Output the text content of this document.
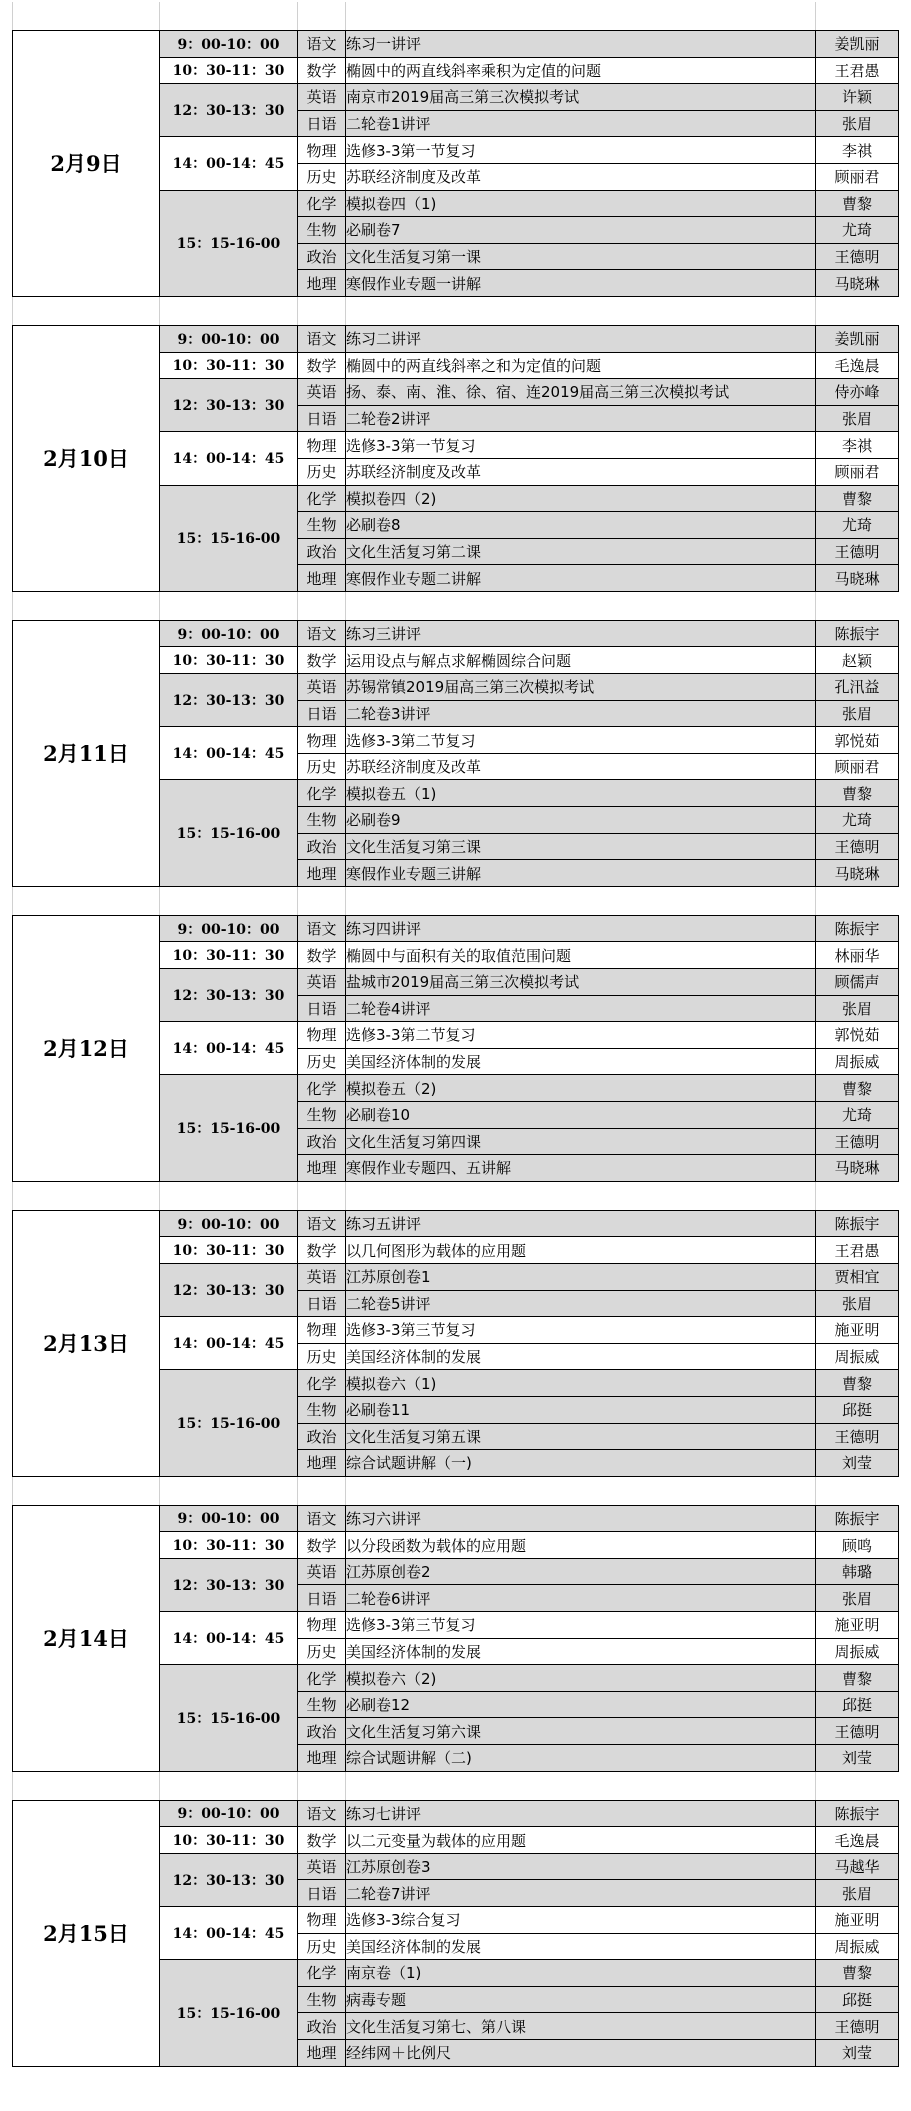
2月9日	9：00-10：00	语文	练习一讲评	姜凯丽
	10：30-11：30	数学	椭圆中的两直线斜率乘积为定值的问题	王君愚
	12：30-13：30	英语	南京市2019届高三第三次模拟考试	许颖
		日语	二轮卷1讲评	张眉
	14：00-14：45	物理	选修3-3第一节复习	李祺
		历史	苏联经济制度及改革	顾丽君
	15：15-16-00	化学	模拟卷四（1)	曹黎
		生物	必刷卷7	尤琦
		政治	文化生活复习第一课	王德明
		地理	寒假作业专题一讲解	马晓琳
2月10日	9：00-10：00	语文	练习二讲评	姜凯丽
	10：30-11：30	数学	椭圆中的两直线斜率之和为定值的问题	毛逸晨
	12：30-13：30	英语	扬、泰、南、淮、徐、宿、连2019届高三第三次模拟考试	侍亦峰
		日语	二轮卷2讲评	张眉
	14：00-14：45	物理	选修3-3第一节复习	李祺
		历史	苏联经济制度及改革	顾丽君
	15：15-16-00	化学	模拟卷四（2)	曹黎
		生物	必刷卷8	尤琦
		政治	文化生活复习第二课	王德明
		地理	寒假作业专题二讲解	马晓琳
2月11日	9：00-10：00	语文	练习三讲评	陈振宇
	10：30-11：30	数学	运用设点与解点求解椭圆综合问题	赵颖
	12：30-13：30	英语	苏锡常镇2019届高三第三次模拟考试	孔汛益
		日语	二轮卷3讲评	张眉
	14：00-14：45	物理	选修3-3第二节复习	郭悦茹
		历史	苏联经济制度及改革	顾丽君
	15：15-16-00	化学	模拟卷五（1)	曹黎
		生物	必刷卷9	尤琦
		政治	文化生活复习第三课	王德明
		地理	寒假作业专题三讲解	马晓琳
2月12日	9：00-10：00	语文	练习四讲评	陈振宇
	10：30-11：30	数学	椭圆中与面积有关的取值范围问题	林丽华
	12：30-13：30	英语	盐城市2019届高三第三次模拟考试	顾儒声
		日语	二轮卷4讲评	张眉
	14：00-14：45	物理	选修3-3第二节复习	郭悦茹
		历史	美国经济体制的发展	周振威
	15：15-16-00	化学	模拟卷五（2)	曹黎
		生物	必刷卷10	尤琦
		政治	文化生活复习第四课	王德明
		地理	寒假作业专题四、五讲解	马晓琳
2月13日	9：00-10：00	语文	练习五讲评	陈振宇
	10：30-11：30	数学	以几何图形为载体的应用题	王君愚
	12：30-13：30	英语	江苏原创卷1	贾相宜
		日语	二轮卷5讲评	张眉
	14：00-14：45	物理	选修3-3第三节复习	施亚明
		历史	美国经济体制的发展	周振威
	15：15-16-00	化学	模拟卷六（1)	曹黎
		生物	必刷卷11	邱挺
		政治	文化生活复习第五课	王德明
		地理	综合试题讲解（一)	刘莹
2月14日	9：00-10：00	语文	练习六讲评	陈振宇
	10：30-11：30	数学	以分段函数为载体的应用题	顾鸣
	12：30-13：30	英语	江苏原创卷2	韩璐
		日语	二轮卷6讲评	张眉
	14：00-14：45	物理	选修3-3第三节复习	施亚明
		历史	美国经济体制的发展	周振威
	15：15-16-00	化学	模拟卷六（2)	曹黎
		生物	必刷卷12	邱挺
		政治	文化生活复习第六课	王德明
		地理	综合试题讲解（二)	刘莹
2月15日	9：00-10：00	语文	练习七讲评	陈振宇
	10：30-11：30	数学	以二元变量为载体的应用题	毛逸晨
	12：30-13：30	英语	江苏原创卷3	马越华
		日语	二轮卷7讲评	张眉
	14：00-14：45	物理	选修3-3综合复习	施亚明
		历史	美国经济体制的发展	周振威
	15：15-16-00	化学	南京卷（1)	曹黎
		生物	病毒专题	邱挺
		政治	文化生活复习第七、第八课	王德明
		地理	经纬网＋比例尺	刘莹
